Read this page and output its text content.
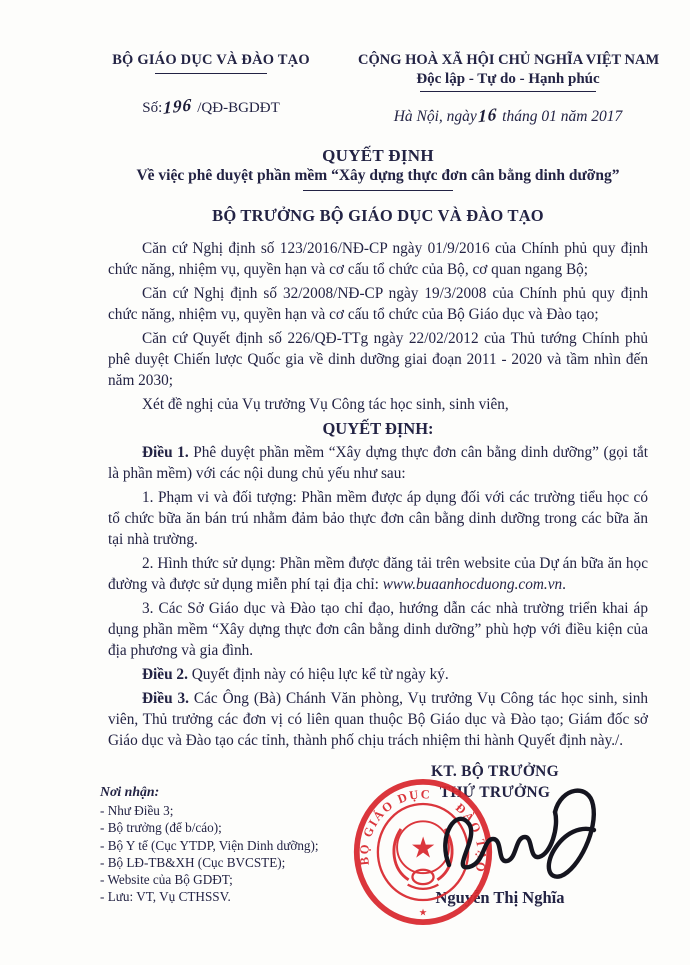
BỘ GIÁO DỤC VÀ ĐÀO TẠO
Số:196 /QĐ-BGDĐT
CỘNG HOÀ XÃ HỘI CHỦ NGHĨA VIỆT NAM
Độc lập - Tự do - Hạnh phúc
Hà Nội, ngày16 tháng 01 năm 2017
QUYẾT ĐỊNH
Về việc phê duyệt phần mềm “Xây dựng thực đơn cân bằng dinh dưỡng”
BỘ TRƯỞNG BỘ GIÁO DỤC VÀ ĐÀO TẠO

Căn cứ Nghị định số 123/2016/NĐ-CP ngày 01/9/2016 của Chính phủ quy định chức năng, nhiệm vụ, quyền hạn và cơ cấu tổ chức của Bộ, cơ quan ngang Bộ;

Căn cứ Nghị định số 32/2008/NĐ-CP ngày 19/3/2008 của Chính phủ quy định chức năng, nhiệm vụ, quyền hạn và cơ cấu tổ chức của Bộ Giáo dục và Đào tạo;

Căn cứ Quyết định số 226/QĐ-TTg ngày 22/02/2012 của Thủ tướng Chính phủ phê duyệt Chiến lược Quốc gia về dinh dưỡng giai đoạn 2011 - 2020 và tầm nhìn đến năm 2030;

Xét đề nghị của Vụ trưởng Vụ Công tác học sinh, sinh viên,

QUYẾT ĐỊNH:

Điều 1. Phê duyệt phần mềm “Xây dựng thực đơn cân bằng dinh dưỡng” (gọi tắt là phần mềm) với các nội dung chủ yếu như sau:

1. Phạm vi và đối tượng: Phần mềm được áp dụng đối với các trường tiểu học có tổ chức bữa ăn bán trú nhằm đảm bảo thực đơn cân bằng dinh dưỡng trong các bữa ăn tại nhà trường.

2. Hình thức sử dụng: Phần mềm được đăng tải trên website của Dự án bữa ăn học đường và được sử dụng miễn phí tại địa chỉ: www.buaanhocduong.com.vn.

3. Các Sở Giáo dục và Đào tạo chỉ đạo, hướng dẫn các nhà trường triển khai áp dụng phần mềm “Xây dựng thực đơn cân bằng dinh dưỡng” phù hợp với điều kiện của địa phương và gia đình.

Điều 2. Quyết định này có hiệu lực kể từ ngày ký.

Điều 3. Các Ông (Bà) Chánh Văn phòng, Vụ trưởng Vụ Công tác học sinh, sinh viên, Thủ trưởng các đơn vị có liên quan thuộc Bộ Giáo dục và Đào tạo; Giám đốc sở Giáo dục và Đào tạo các tỉnh, thành phố chịu trách nhiệm thi hành Quyết định này./.

Nơi nhận:
- Như Điều 3;
- Bộ trưởng (để b/cáo);
- Bộ Y tế (Cục YTDP, Viện Dinh dưỡng);
- Bộ LĐ-TB&XH (Cục BVCSTE);
- Website của Bộ GDĐT;
- Lưu: VT, Vụ CTHSSV.
KT. BỘ TRƯỞNG
THỨ TRƯỞNG
★
BỘ GIÁO DỤC ĐÀO TẠO
★
Nguyễn Thị Nghĩa
